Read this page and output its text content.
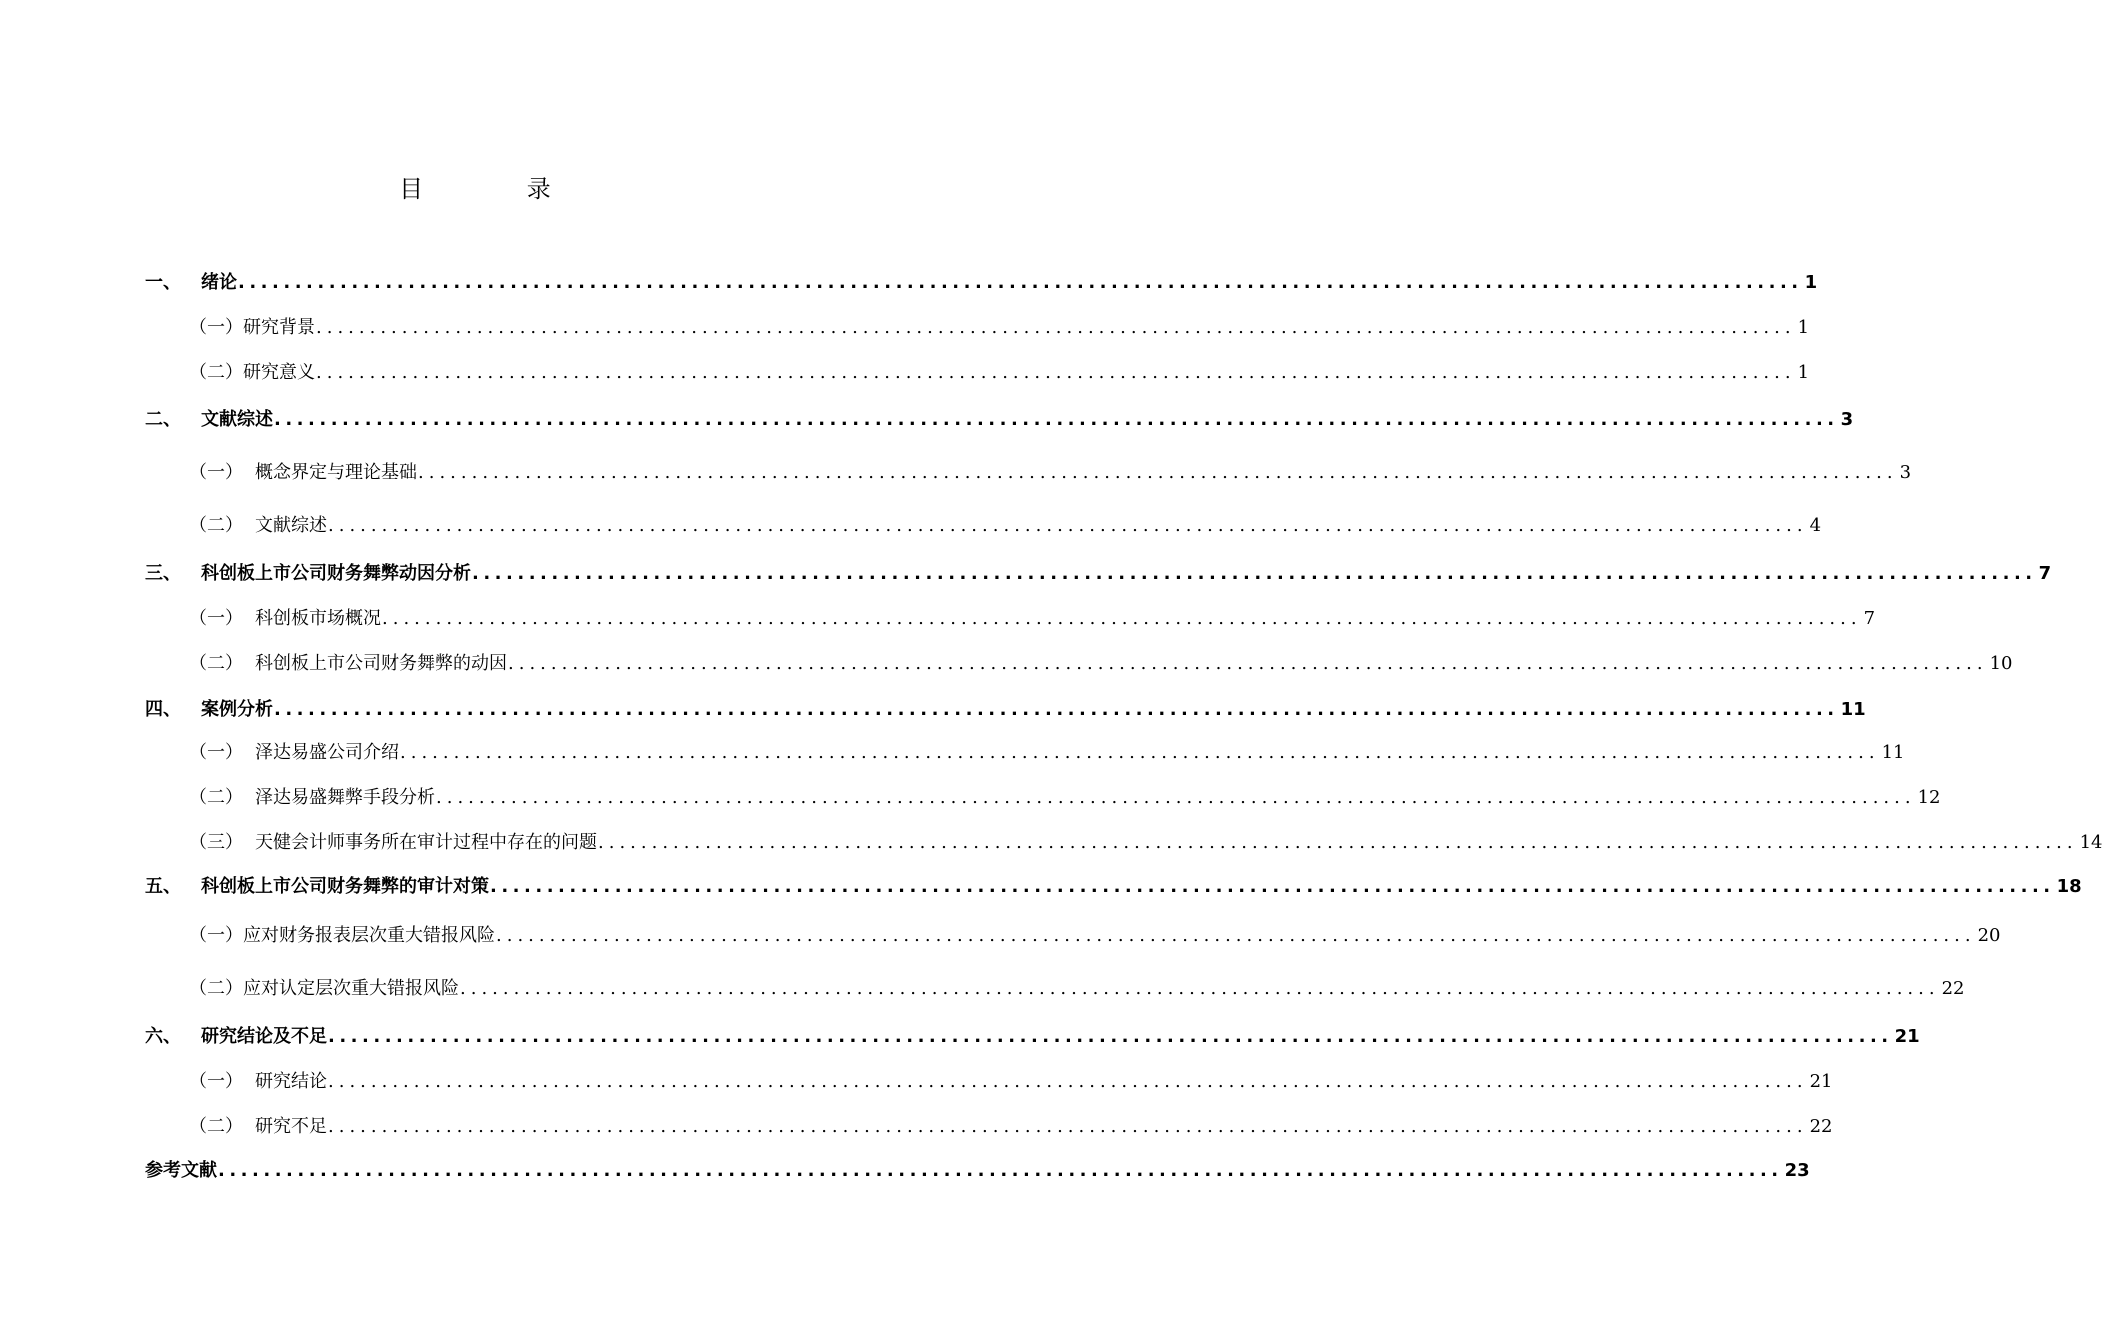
目 录
一、	绪论 .......................................................................................................................................... 1
（一） 研究背景 .......................................................................................................................................... 1
（二） 研究意义 .......................................................................................................................................... 1
二、	文献综述 .......................................................................................................................................... 3
（一） 概念界定与理论基础 .......................................................................................................................................... 3
（二） 文献综述 .......................................................................................................................................... 4
三、	科创板上市公司财务舞弊动因分析 .......................................................................................................................................... 7
（一） 科创板市场概况 .......................................................................................................................................... 7
（二） 科创板上市公司财务舞弊的动因 .......................................................................................................................................... 10
四、	案例分析 .......................................................................................................................................... 11
（一） 泽达易盛公司介绍 .......................................................................................................................................... 11
（二） 泽达易盛舞弊手段分析 .......................................................................................................................................... 12
（三） 天健会计师事务所在审计过程中存在的问题 .......................................................................................................................................... 14
五、	科创板上市公司财务舞弊的审计对策 .......................................................................................................................................... 18
（一） 应对财务报表层次重大错报风险 .......................................................................................................................................... 20
（二） 应对认定层次重大错报风险 .......................................................................................................................................... 22
六、	研究结论及不足 .......................................................................................................................................... 21
（一） 研究结论 .......................................................................................................................................... 21
（二） 研究不足 .......................................................................................................................................... 22
参考文献 .......................................................................................................................................... 23
